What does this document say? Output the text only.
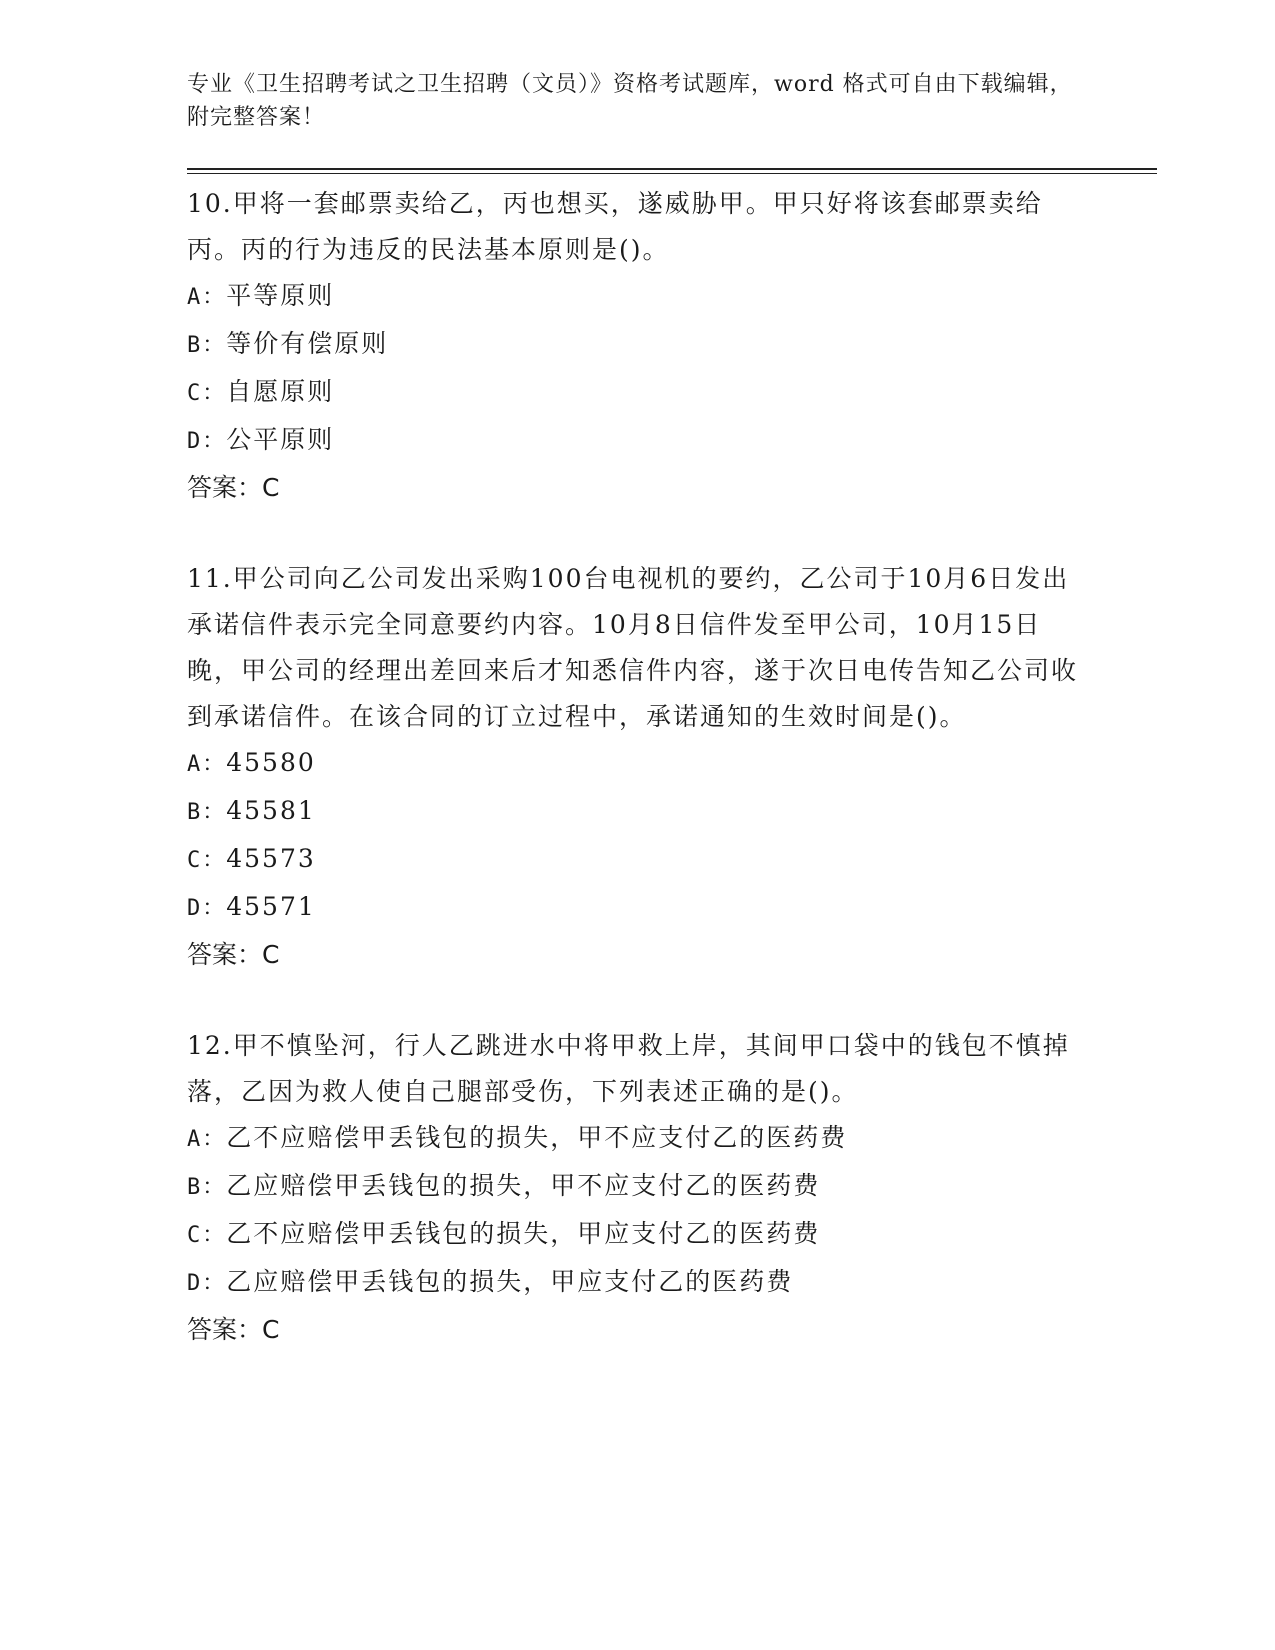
专业《卫生招聘考试之卫生招聘（文员）》资格考试题库，word 格式可自由下载编辑，附完整答案！
10.甲将一套邮票卖给乙，丙也想买，遂威胁甲。甲只好将该套邮票卖给丙。丙的行为违反的民法基本原则是()。
A：平等原则
B：等价有偿原则
C：自愿原则
D：公平原则
答案：C
11.甲公司向乙公司发出采购100台电视机的要约，乙公司于10月6日发出承诺信件表示完全同意要约内容。10月8日信件发至甲公司，10月15日晚，甲公司的经理出差回来后才知悉信件内容，遂于次日电传告知乙公司收到承诺信件。在该合同的订立过程中，承诺通知的生效时间是()。
A：45580
B：45581
C：45573
D：45571
答案：C
12.甲不慎坠河，行人乙跳进水中将甲救上岸，其间甲口袋中的钱包不慎掉落，乙因为救人使自己腿部受伤，下列表述正确的是()。
A：乙不应赔偿甲丢钱包的损失，甲不应支付乙的医药费
B：乙应赔偿甲丢钱包的损失，甲不应支付乙的医药费
C：乙不应赔偿甲丢钱包的损失，甲应支付乙的医药费
D：乙应赔偿甲丢钱包的损失，甲应支付乙的医药费
答案：C
